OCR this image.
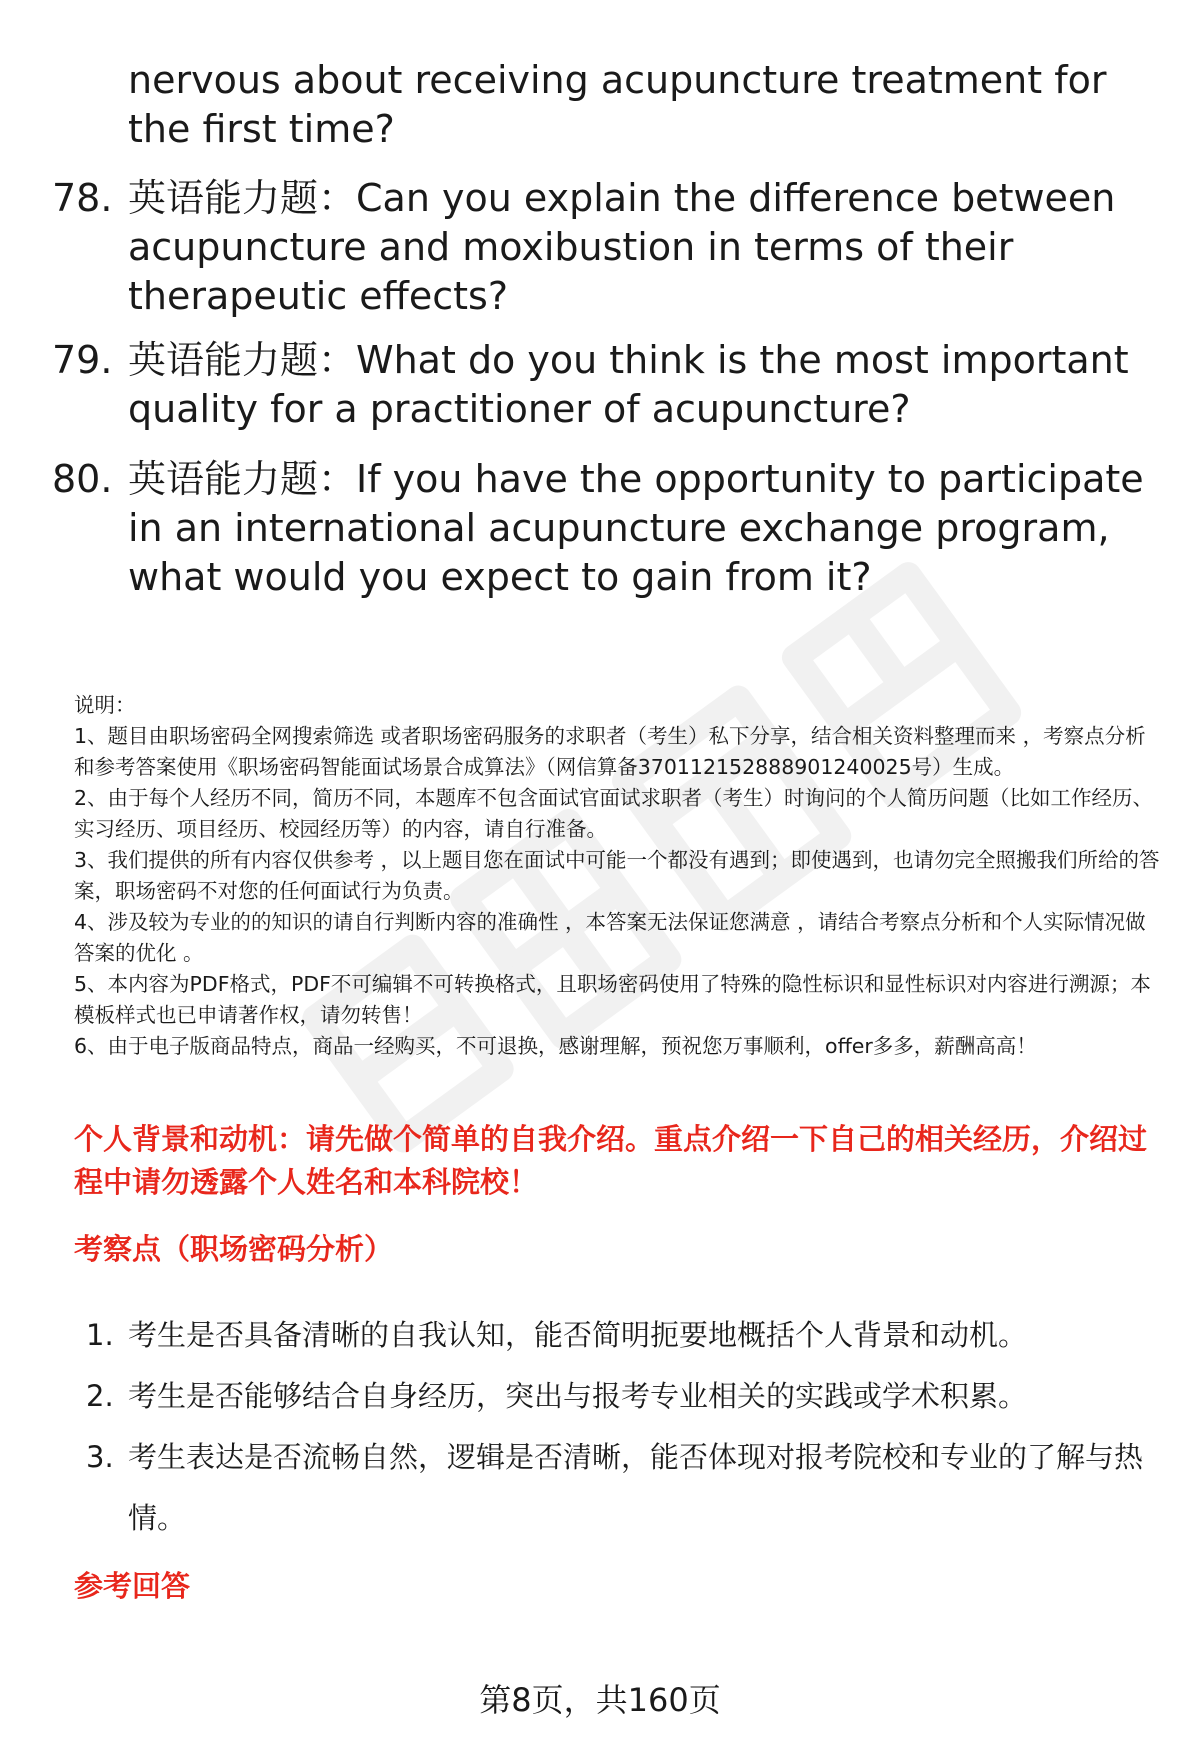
nervous about receiving acupuncture treatment for the first time?
78. 英语能力题：Can you explain the difference between acupuncture and moxibustion in terms of their therapeutic effects?
79. 英语能力题：What do you think is the most important quality for a practitioner of acupuncture?
80. 英语能力题：If you have the opportunity to participate in an international acupuncture exchange program, what would you expect to gain from it?

说明：

1、题目由职场密码全网搜索筛选 或者职场密码服务的求职者（考生）私下分享，结合相关资料整理而来 ，考察点分析和参考答案使用《职场密码智能面试场景合成算法》（网信算备370112152888901240025号）生成。

2、由于每个人经历不同，简历不同，本题库不包含面试官面试求职者（考生）时询问的个人简历问题（比如工作经历、实习经历、项目经历、校园经历等）的内容，请自行准备。

3、我们提供的所有内容仅供参考 ，以上题目您在面试中可能一个都没有遇到；即使遇到，也请勿完全照搬我们所给的答案，职场密码不对您的任何面试行为负责。

4、涉及较为专业的的知识的请自行判断内容的准确性 ，本答案无法保证您满意 ，请结合考察点分析和个人实际情况做答案的优化 。

5、本内容为PDF格式，PDF不可编辑不可转换格式，且职场密码使用了特殊的隐性标识和显性标识对内容进行溯源；本模板样式也已申请著作权，请勿转售！

6、由于电子版商品特点，商品一经购买，不可退换，感谢理解，预祝您万事顺利，offer多多，薪酬高高！

个人背景和动机：请先做个简单的自我介绍。重点介绍一下自己的相关经历，介绍过程中请勿透露个人姓名和本科院校！
考察点（职场密码分析）
1. 考生是否具备清晰的自我认知，能否简明扼要地概括个人背景和动机。
2. 考生是否能够结合自身经历，突出与报考专业相关的实践或学术积累。
3. 考生表达是否流畅自然，逻辑是否清晰，能否体现对报考院校和专业的了解与热情。
参考回答
第8页，共160页
